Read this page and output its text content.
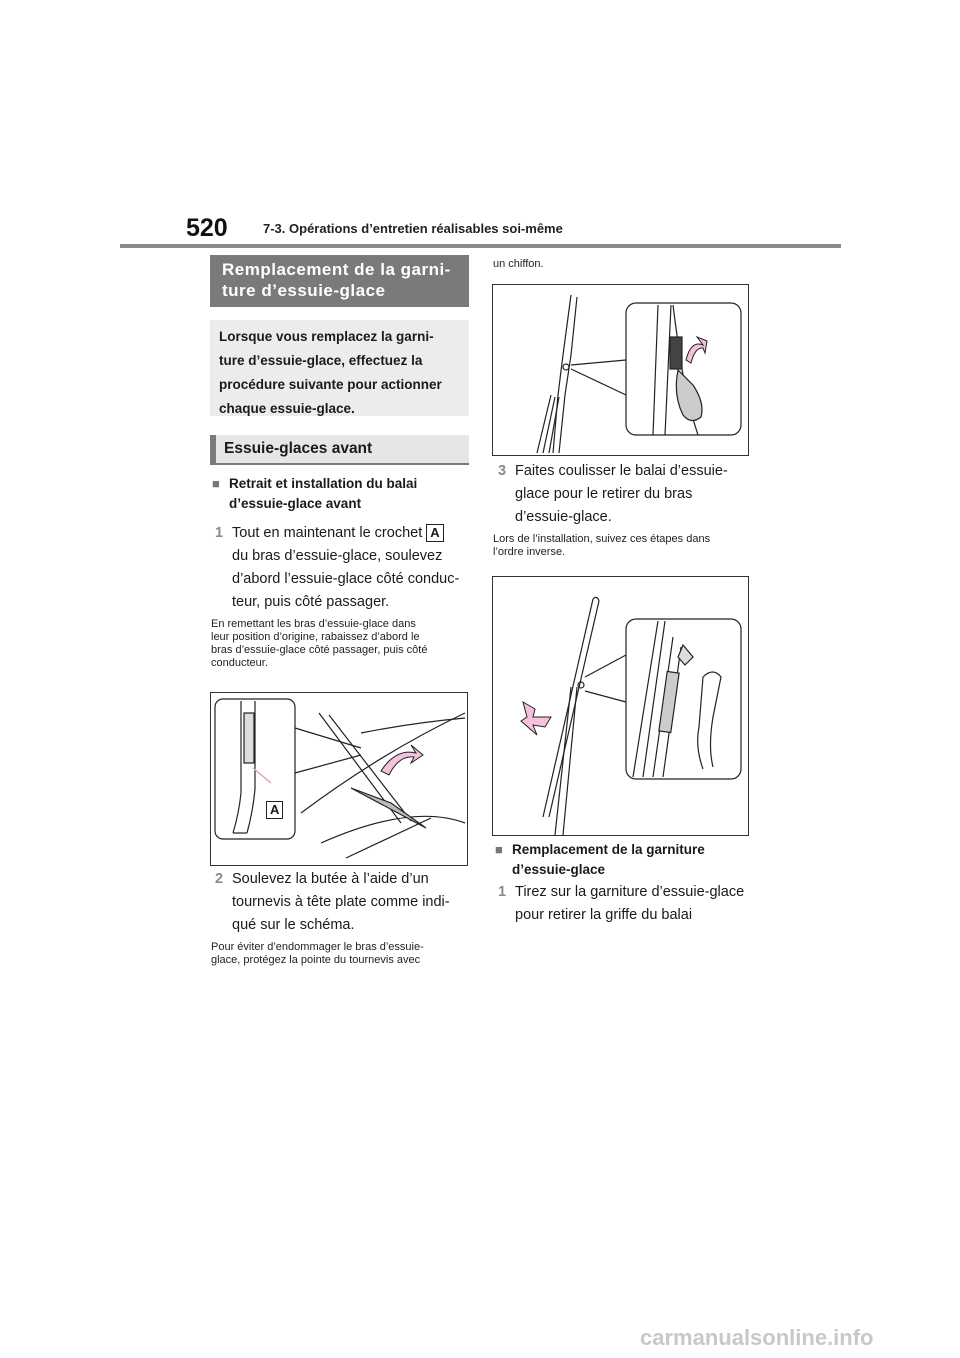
520	7-3. Opérations d’entretien réalisables soi-même
Remplacement de la garni-
ture d’essuie-glace
Lorsque vous remplacez la garni-
ture d’essuie-glace, effectuez la
procédure suivante pour actionner
chaque essuie-glace.
Essuie-glaces avant
■ Retrait et installation du balai
d’essuie-glace avant
1 Tout en maintenant le crochet A
du bras d’essuie-glace, soulevez
d’abord l’essuie-glace côté conduc-
teur, puis côté passager.
En remettant les bras d’essuie-glace dans
leur position d’origine, rabaissez d’abord le
bras d’essuie-glace côté passager, puis côté
conducteur.
A
2 Soulevez la butée à l’aide d’un
tournevis à tête plate comme indi-
qué sur le schéma.
Pour éviter d’endommager le bras d’essuie-
glace, protégez la pointe du tournevis avec
un chiffon.
3 Faites coulisser le balai d’essuie-
glace pour le retirer du bras
d’essuie-glace.
Lors de l’installation, suivez ces étapes dans
l’ordre inverse.
■ Remplacement de la garniture
d’essuie-glace
1 Tirez sur la garniture d’essuie-glace
pour retirer la griffe du balai
carmanualsonline.info
